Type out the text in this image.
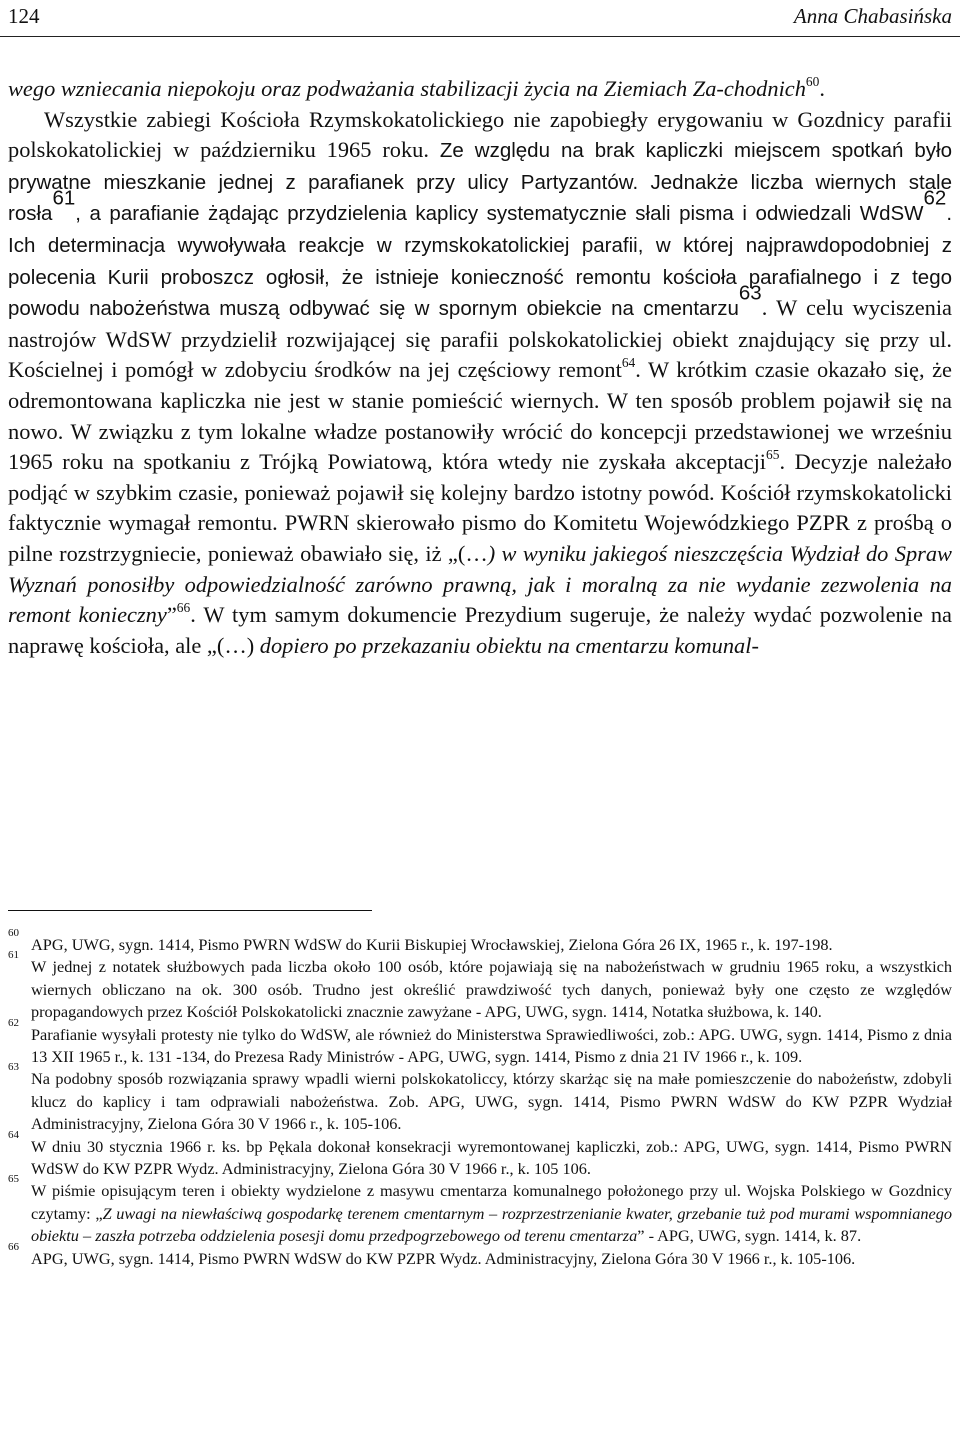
124	Anna Chabasińska

wego wzniecania niepokoju oraz podważania stabilizacji życia na Ziemiach Za-chodnich$^{60}$.

Wszystkie zabiegi Kościoła Rzymskokatolickiego nie zapobiegły erygowaniu w Gozdnicy parafii polskokatolickiej w październiku 1965 roku. Ze względu na brak kapliczki miejscem spotkań było prywatne mieszkanie jednej z parafianek przy ulicy Partyzantów. Jednakże liczba wiernych stale rosła$^{61}$, a parafianie żądając przydzielenia kaplicy systematycznie słali pisma i odwiedzali WdSW$^{62}$. Ich determinacja wywoływała reakcje w rzymskokatolickiej parafii, w której najprawdopodobniej z polecenia Kurii proboszcz ogłosił, że istnieje konieczność remontu kościoła parafialnego i z tego powodu nabożeństwa muszą odbywać się w spornym obiekcie na cmentarzu$^{63}$. W celu wyciszenia nastrojów WdSW przydzielił rozwijającej się parafii polskokatolickiej obiekt znajdujący się przy ul. Kościelnej i pomógł w zdobyciu środków na jej częściowy remont$^{64}$. W krótkim czasie okazało się, że odremontowana kapliczka nie jest w stanie pomieścić wiernych. W ten sposób problem pojawił się na nowo. W związku z tym lokalne władze postanowiły wrócić do koncepcji przedstawionej we wrześniu 1965 roku na spotkaniu z Trójką Powiatową, która wtedy nie zyskała akceptacji$^{65}$. Decyzje należało podjąć w szybkim czasie, ponieważ pojawił się kolejny bardzo istotny powód. Kościół rzymskokatolicki faktycznie wymagał remontu. PWRN skierowało pismo do Komitetu Wojewódzkiego PZPR z prośbą o pilne rozstrzygniecie, ponieważ obawiało się, iż „(…) w wyniku jakiegoś nieszczęścia Wydział do Spraw Wyznań ponosiłby odpowiedzialność zarówno prawną, jak i moralną za nie wydanie zezwolenia na remont konieczny”$^{66}$. W tym samym dokumencie Prezydium sugeruje, że należy wydać pozwolenie na naprawę kościoła, ale „(…) dopiero po przekazaniu obiektu na cmentarzu komunal-

60
APG, UWG, sygn. 1414, Pismo PWRN WdSW do Kurii Biskupiej Wrocławskiej, Zielona Góra 26 IX, 1965 r., k. 197-198.

61
W jednej z notatek służbowych pada liczba około 100 osób, które pojawiają się na nabożeństwach w grudniu 1965 roku, a wszystkich wiernych obliczano na ok. 300 osób. Trudno jest określić prawdziwość tych danych, ponieważ były one często ze względów propagandowych przez Kościół Polskokatolicki znacznie zawyżane - APG, UWG, sygn. 1414, Notatka służbowa, k. 140.

62
Parafianie wysyłali protesty nie tylko do WdSW, ale również do Ministerstwa Sprawiedliwości, zob.: APG. UWG, sygn. 1414, Pismo z dnia 13 XII 1965 r., k. 131 -134, do Prezesa Rady Ministrów - APG, UWG, sygn. 1414, Pismo z dnia 21 IV 1966 r., k. 109.

63
Na podobny sposób rozwiązania sprawy wpadli wierni polskokatoliccy, którzy skarżąc się na małe pomieszczenie do nabożeństw, zdobyli klucz do kaplicy i tam odprawiali nabożeństwa. Zob. APG, UWG, sygn. 1414, Pismo PWRN WdSW do KW PZPR Wydział Administracyjny, Zielona Góra 30 V 1966 r., k. 105-106.

64
W dniu 30 stycznia 1966 r. ks. bp Pękala dokonał konsekracji wyremontowanej kapliczki, zob.: APG, UWG, sygn. 1414, Pismo PWRN WdSW do KW PZPR Wydz. Administracyjny, Zielona Góra 30 V 1966 r., k. 105 106.

65
W piśmie opisującym teren i obiekty wydzielone z masywu cmentarza komunalnego położonego przy ul. Wojska Polskiego w Gozdnicy czytamy: „Z uwagi na niewłaściwą gospodarkę terenem cmentarnym – rozprzestrzenianie kwater, grzebanie tuż pod murami wspomnianego obiektu – zaszła potrzeba oddzielenia posesji domu przedpogrzebowego od terenu cmentarza” - APG, UWG, sygn. 1414, k. 87.

66
APG, UWG, sygn. 1414, Pismo PWRN WdSW do KW PZPR Wydz. Administracyjny, Zielona Góra 30 V 1966 r., k. 105-106.
